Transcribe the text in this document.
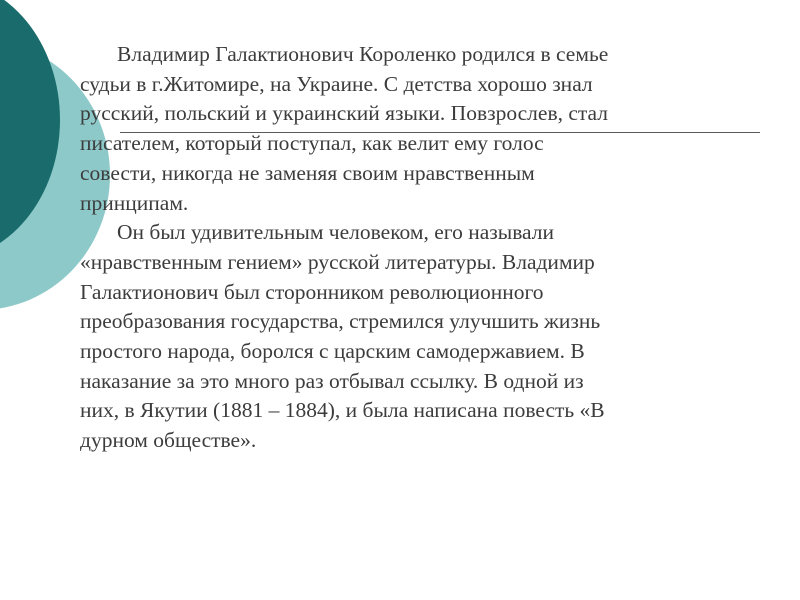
Владимир Галактионович Короленко родился в семье
судьи в г.Житомире, на Украине. С детства хорошо знал
русский, польский и украинский языки. Повзрослев, стал
писателем, который поступал, как велит ему голос
совести, никогда не заменяя своим нравственным
принципам.
Он был удивительным человеком, его называли
«нравственным гением» русской литературы. Владимир
Галактионович был сторонником революционного
преобразования государства, стремился улучшить жизнь
простого народа, боролся с царским самодержавием. В
наказание за это много раз отбывал ссылку. В одной из
них, в Якутии (1881 – 1884), и была написана повесть «В
дурном обществе».
